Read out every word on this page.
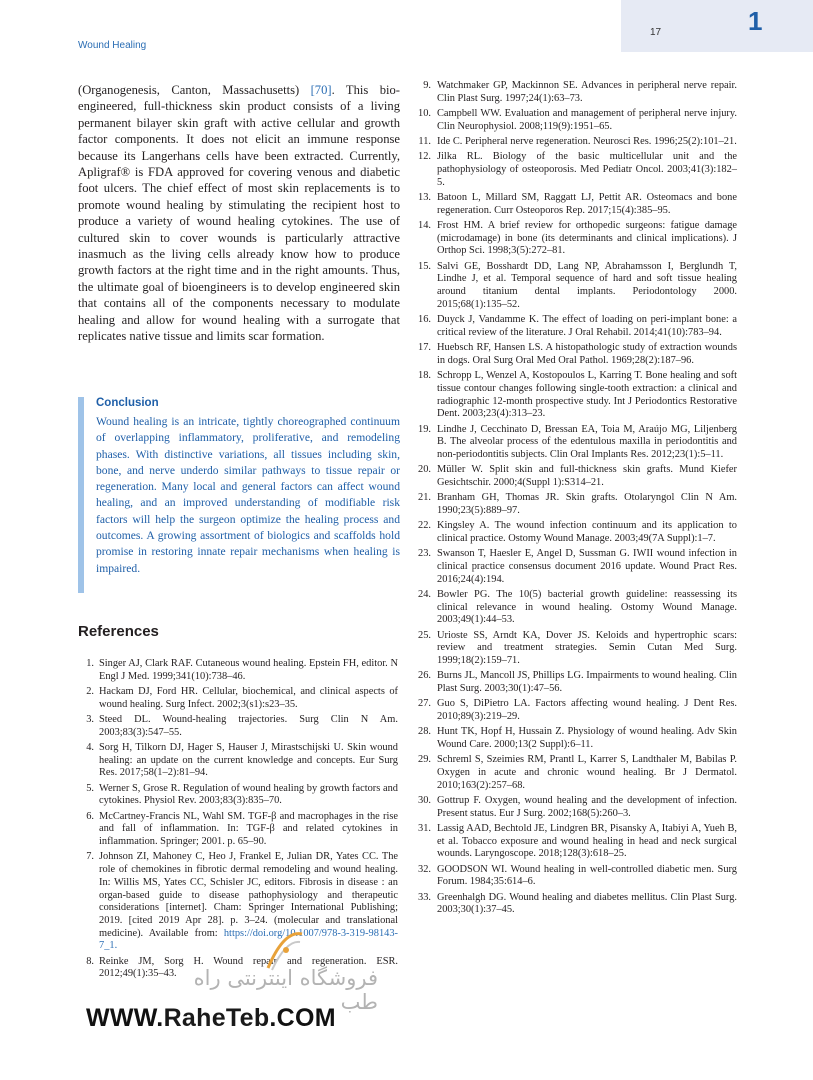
17	1
Wound Healing

(Organogenesis, Canton, Massachusetts) [70]. This bioengineered, full-thickness skin product consists of a living permanent bilayer skin graft with active cellular and growth factor components. It does not elicit an immune response because its Langerhans cells have been extracted. Currently, Apligraf® is FDA approved for covering venous and diabetic foot ulcers. The chief effect of most skin replacements is to promote wound healing by stimulating the recipient host to produce a variety of wound healing cytokines. The use of cultured skin to cover wounds is particularly attractive inasmuch as the living cells already know how to produce growth factors at the right time and in the right amounts. Thus, the ultimate goal of bioengineers is to develop engineered skin that contains all of the components necessary to modulate healing and allow for wound healing with a surrogate that replicates native tissue and limits scar formation.

Conclusion

Wound healing is an intricate, tightly choreographed continuum of overlapping inflammatory, proliferative, and remodeling phases. With distinctive variations, all tissues including skin, bone, and nerve underdo similar pathways to tissue repair or regeneration. Many local and general factors can affect wound healing, and an improved understanding of modifiable risk factors will help the surgeon optimize the healing process and outcomes. A growing assortment of biologics and scaffolds hold promise in restoring innate repair mechanisms when healing is impaired.

References
1. Singer AJ, Clark RAF. Cutaneous wound healing. Epstein FH, editor. N Engl J Med. 1999;341(10):738–46.
2. Hackam DJ, Ford HR. Cellular, biochemical, and clinical aspects of wound healing. Surg Infect. 2002;3(s1):s23–35.
3. Steed DL. Wound-healing trajectories. Surg Clin N Am. 2003;83(3):547–55.
4. Sorg H, Tilkorn DJ, Hager S, Hauser J, Mirastschijski U. Skin wound healing: an update on the current knowledge and concepts. Eur Surg Res. 2017;58(1–2):81–94.
5. Werner S, Grose R. Regulation of wound healing by growth factors and cytokines. Physiol Rev. 2003;83(3):835–70.
6. McCartney-Francis NL, Wahl SM. TGF-β and macrophages in the rise and fall of inflammation. In: TGF-β and related cytokines in inflammation. Springer; 2001. p. 65–90.
7. Johnson ZI, Mahoney C, Heo J, Frankel E, Julian DR, Yates CC. The role of chemokines in fibrotic dermal remodeling and wound healing. In: Willis MS, Yates CC, Schisler JC, editors. Fibrosis in disease : an organ-based guide to disease pathophysiology and therapeutic considerations [internet]. Cham: Springer International Publishing; 2019. [cited 2019 Apr 28]. p. 3–24. (molecular and translational medicine). Available from: https://doi.org/10.1007/978-3-319-98143-7_1.
8. Reinke JM, Sorg H. Wound repair and regeneration. ESR. 2012;49(1):35–43.
9. Watchmaker GP, Mackinnon SE. Advances in peripheral nerve repair. Clin Plast Surg. 1997;24(1):63–73.
10. Campbell WW. Evaluation and management of peripheral nerve injury. Clin Neurophysiol. 2008;119(9):1951–65.
11. Ide C. Peripheral nerve regeneration. Neurosci Res. 1996;25(2):101–21.
12. Jilka RL. Biology of the basic multicellular unit and the pathophysiology of osteoporosis. Med Pediatr Oncol. 2003;41(3):182–5.
13. Batoon L, Millard SM, Raggatt LJ, Pettit AR. Osteomacs and bone regeneration. Curr Osteoporos Rep. 2017;15(4):385–95.
14. Frost HM. A brief review for orthopedic surgeons: fatigue damage (microdamage) in bone (its determinants and clinical implications). J Orthop Sci. 1998;3(5):272–81.
15. Salvi GE, Bosshardt DD, Lang NP, Abrahamsson I, Berglundh T, Lindhe J, et al. Temporal sequence of hard and soft tissue healing around titanium dental implants. Periodontology 2000. 2015;68(1):135–52.
16. Duyck J, Vandamme K. The effect of loading on peri-implant bone: a critical review of the literature. J Oral Rehabil. 2014;41(10):783–94.
17. Huebsch RF, Hansen LS. A histopathologic study of extraction wounds in dogs. Oral Surg Oral Med Oral Pathol. 1969;28(2):187–96.
18. Schropp L, Wenzel A, Kostopoulos L, Karring T. Bone healing and soft tissue contour changes following single-tooth extraction: a clinical and radiographic 12-month prospective study. Int J Periodontics Restorative Dent. 2003;23(4):313–23.
19. Lindhe J, Cecchinato D, Bressan EA, Toia M, Araújo MG, Liljenberg B. The alveolar process of the edentulous maxilla in periodontitis and non-periodontitis subjects. Clin Oral Implants Res. 2012;23(1):5–11.
20. Müller W. Split skin and full-thickness skin grafts. Mund Kiefer Gesichtschir. 2000;4(Suppl 1):S314–21.
21. Branham GH, Thomas JR. Skin grafts. Otolaryngol Clin N Am. 1990;23(5):889–97.
22. Kingsley A. The wound infection continuum and its application to clinical practice. Ostomy Wound Manage. 2003;49(7A Suppl):1–7.
23. Swanson T, Haesler E, Angel D, Sussman G. IWII wound infection in clinical practice consensus document 2016 update. Wound Pract Res. 2016;24(4):194.
24. Bowler PG. The 10(5) bacterial growth guideline: reassessing its clinical relevance in wound healing. Ostomy Wound Manage. 2003;49(1):44–53.
25. Urioste SS, Arndt KA, Dover JS. Keloids and hypertrophic scars: review and treatment strategies. Semin Cutan Med Surg. 1999;18(2):159–71.
26. Burns JL, Mancoll JS, Phillips LG. Impairments to wound healing. Clin Plast Surg. 2003;30(1):47–56.
27. Guo S, DiPietro LA. Factors affecting wound healing. J Dent Res. 2010;89(3):219–29.
28. Hunt TK, Hopf H, Hussain Z. Physiology of wound healing. Adv Skin Wound Care. 2000;13(2 Suppl):6–11.
29. Schreml S, Szeimies RM, Prantl L, Karrer S, Landthaler M, Babilas P. Oxygen in acute and chronic wound healing. Br J Dermatol. 2010;163(2):257–68.
30. Gottrup F. Oxygen, wound healing and the development of infection. Present status. Eur J Surg. 2002;168(5):260–3.
31. Lassig AAD, Bechtold JE, Lindgren BR, Pisansky A, Itabiyi A, Yueh B, et al. Tobacco exposure and wound healing in head and neck surgical wounds. Laryngoscope. 2018;128(3):618–25.
32. GOODSON WI. Wound healing in well-controlled diabetic men. Surg Forum. 1984;35:614–6.
33. Greenhalgh DG. Wound healing and diabetes mellitus. Clin Plast Surg. 2003;30(1):37–45.
فروشگاه اینترنتی راه طب
WWW.RaheTeb.COM
